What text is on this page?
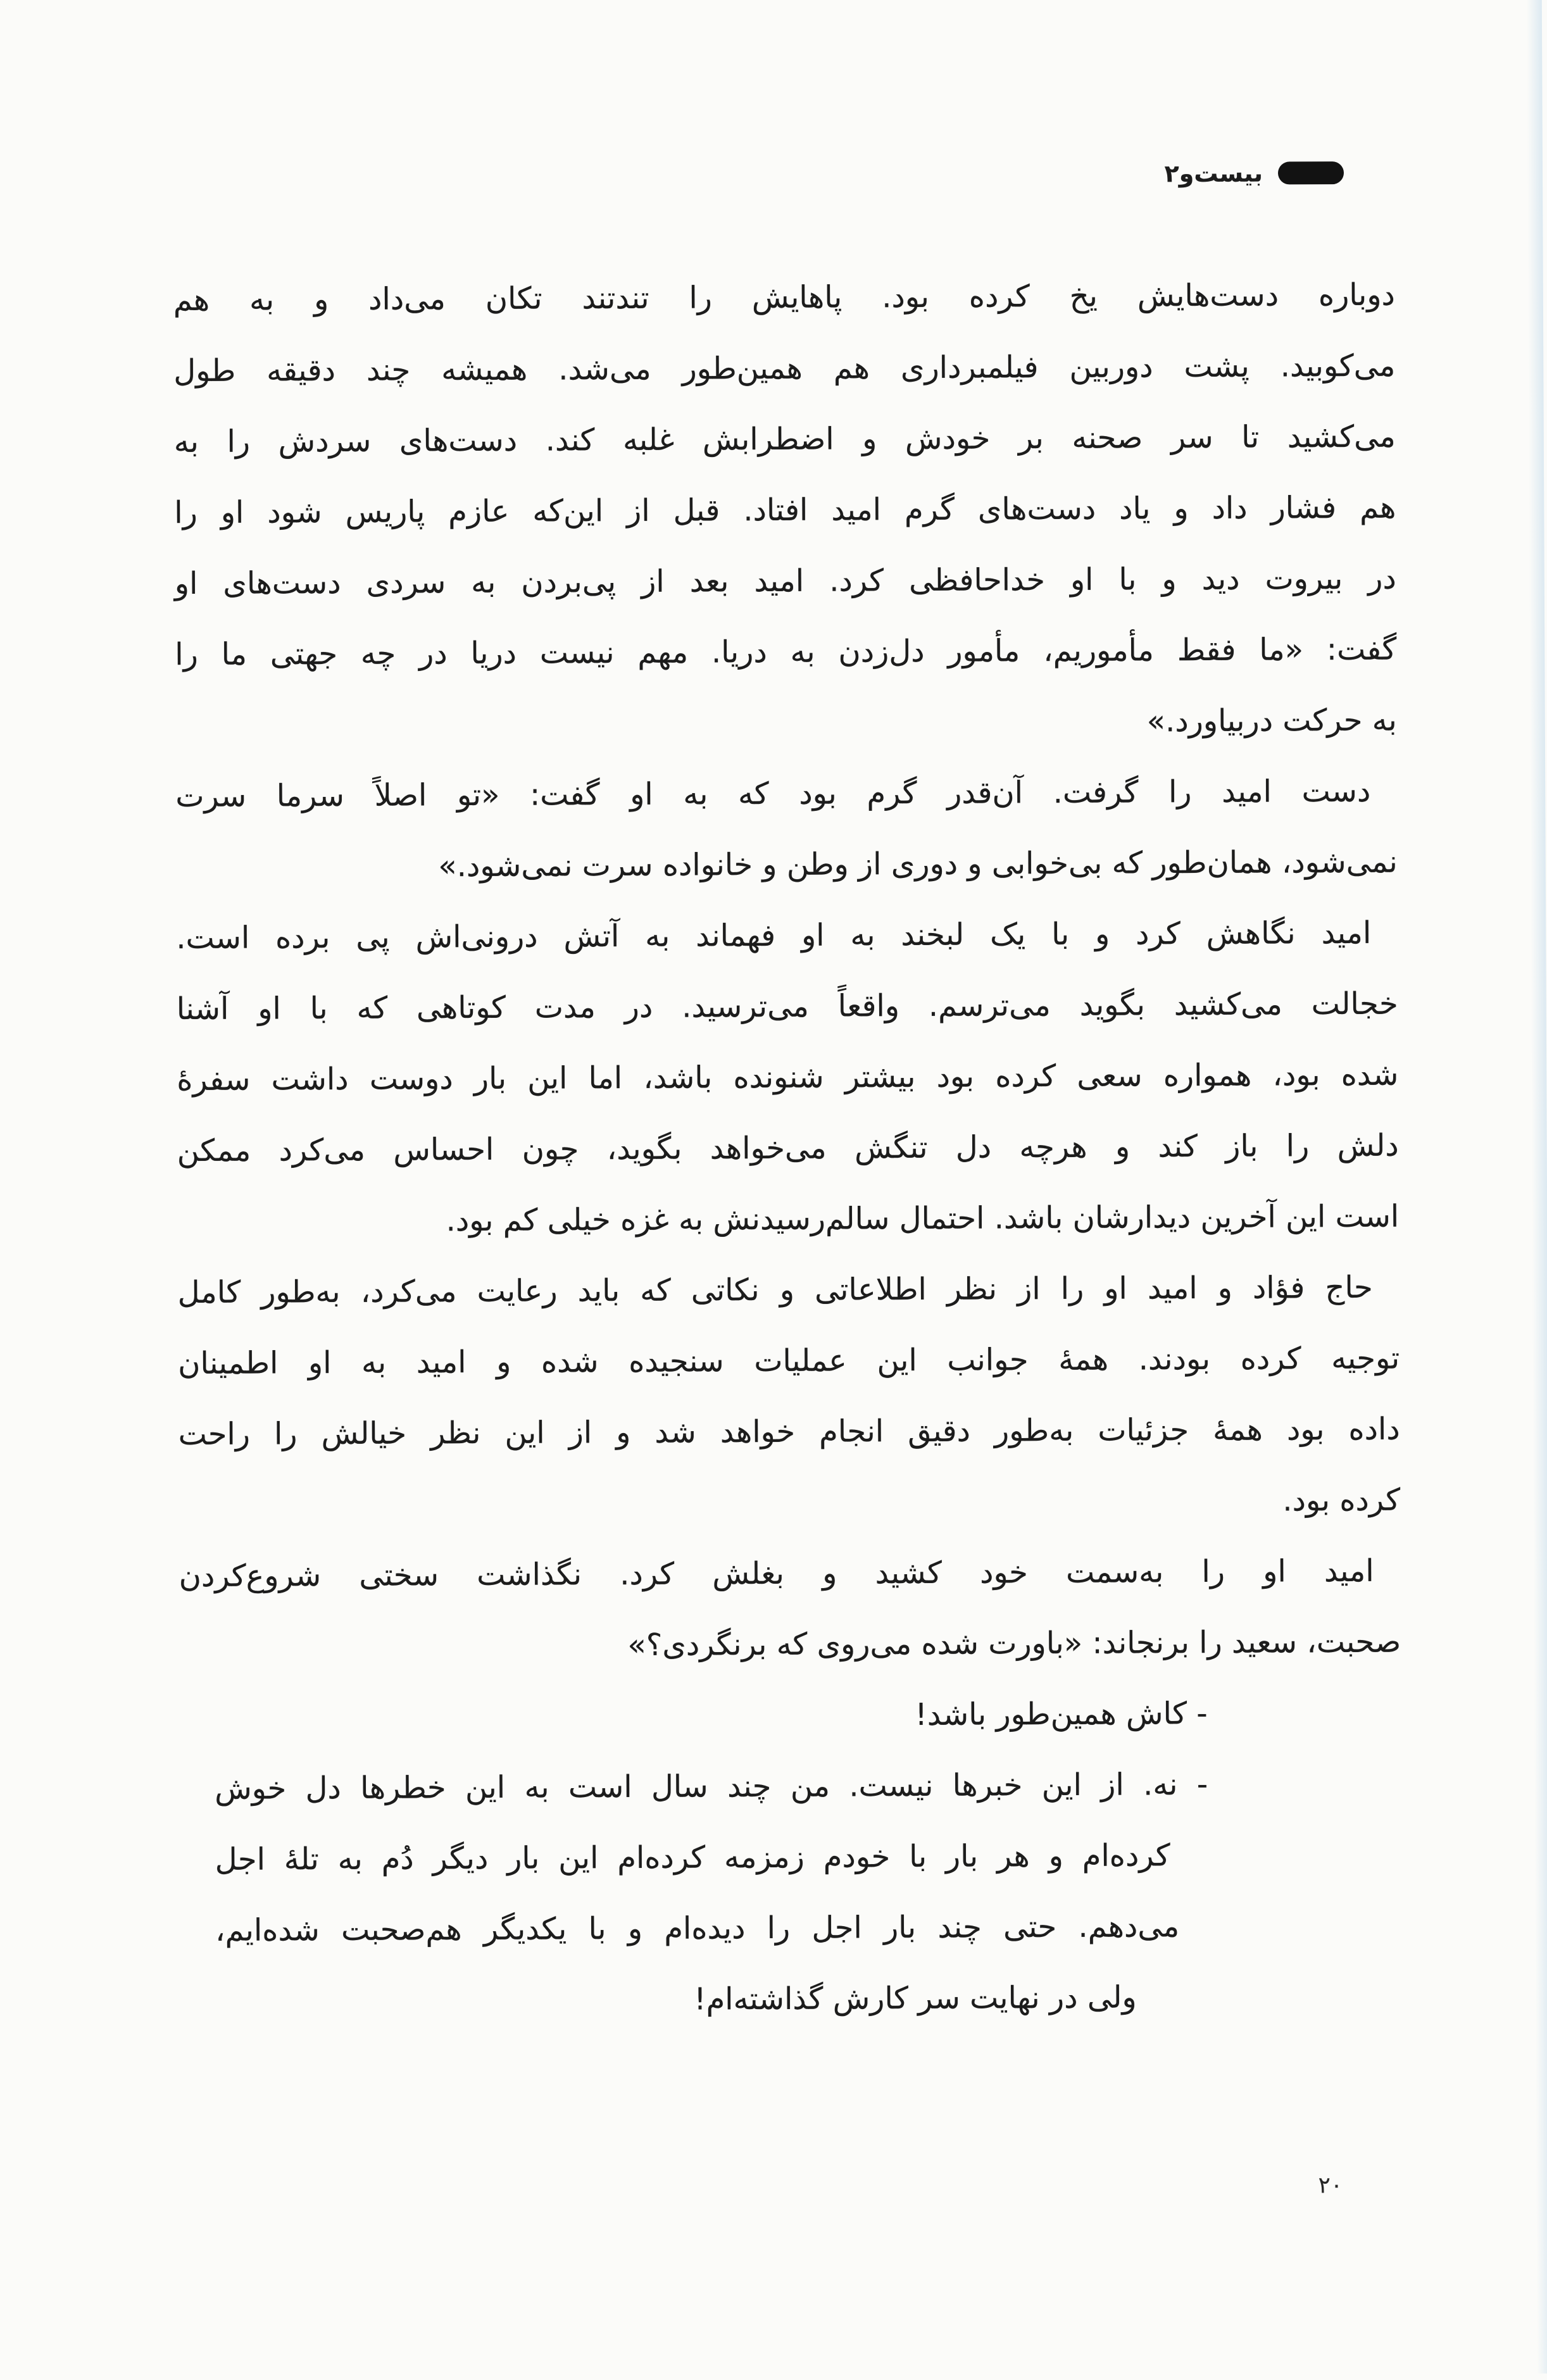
بیست‌و۲
دوباره دست‌هایش یخ کرده بود. پاهایش را تندتند تکان می‌داد و به هم
می‌کوبید. پشت دوربین فیلمبرداری هم همین‌طور می‌شد. همیشه چند دقیقه طول
می‌کشید تا سر صحنه بر خودش و اضطرابش غلبه کند. دست‌های سردش را به
هم فشار داد و یاد دست‌های گرم امید افتاد. قبل از این‌که عازم پاریس شود او را
در بیروت دید و با او خداحافظی کرد. امید بعد از پی‌بردن به سردی دست‌های او
گفت: «ما فقط مأموریم، مأمور دل‌زدن به دریا. مهم نیست دریا در چه جهتی ما را
به حرکت دربیاورد.»
دست امید را گرفت. آن‌قدر گرم بود که به او گفت: «تو اصلاً سرما سرت
نمی‌شود، همان‌طور که بی‌خوابی و دوری از وطن و خانواده سرت نمی‌شود.»
امید نگاهش کرد و با یک لبخند به او فهماند به آتش درونی‌اش پی برده است.
خجالت می‌کشید بگوید می‌ترسم. واقعاً می‌ترسید. در مدت کوتاهی که با او آشنا
شده بود، همواره سعی کرده بود بیشتر شنونده باشد، اما این بار دوست داشت سفرهٔ
دلش را باز کند و هرچه دل تنگش می‌خواهد بگوید، چون احساس می‌کرد ممکن
است این آخرین دیدارشان باشد. احتمال سالم‌رسیدنش به غزه خیلی کم بود.
حاج فؤاد و امید او را از نظر اطلاعاتی و نکاتی که باید رعایت می‌کرد، به‌طور کامل
توجیه کرده بودند. همهٔ جوانب این عملیات سنجیده شده و امید به او اطمینان
داده بود همهٔ جزئیات به‌طور دقیق انجام خواهد شد و از این نظر خیالش را راحت
کرده بود.
امید او را به‌سمت خود کشید و بغلش کرد. نگذاشت سختی شروع‌کردن
صحبت، سعید را برنجاند: «باورت شده می‌روی که برنگردی؟»
- کاش همین‌طور باشد!
- نه. از این خبرها نیست. من چند سال است به این خطرها دل خوش
کرده‌ام و هر بار با خودم زمزمه کرده‌ام این بار دیگر دُم به تلهٔ اجل
می‌دهم. حتی چند بار اجل را دیده‌ام و با یکدیگر هم‌صحبت شده‌ایم،
ولی در نهایت سر کارش گذاشته‌ام!
۲۰
